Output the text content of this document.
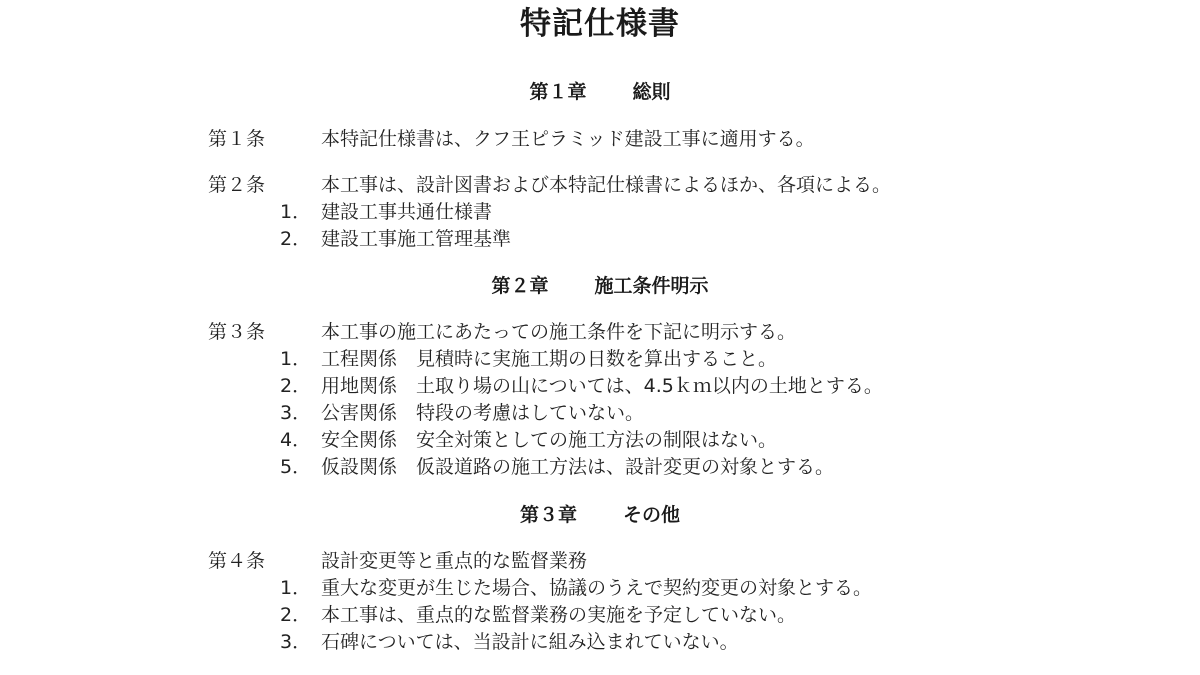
特記仕様書
第１章 総則
第１条	本特記仕様書は、クフ王ピラミッド建設工事に適用する。
第２条	本工事は、設計図書および本特記仕様書によるほか、各項による。
1． 建設工事共通仕様書
2． 建設工事施工管理基準
第２章 施工条件明示
第３条	本工事の施工にあたっての施工条件を下記に明示する。
1． 工程関係 見積時に実施工期の日数を算出すること。
2． 用地関係 土取り場の山については、4.5ｋｍ以内の土地とする。
3． 公害関係 特段の考慮はしていない。
4． 安全関係 安全対策としての施工方法の制限はない。
5． 仮設関係 仮設道路の施工方法は、設計変更の対象とする。
第３章 その他
第４条	設計変更等と重点的な監督業務
1． 重大な変更が生じた場合、協議のうえで契約変更の対象とする。
2． 本工事は、重点的な監督業務の実施を予定していない。
3． 石碑については、当設計に組み込まれていない。
